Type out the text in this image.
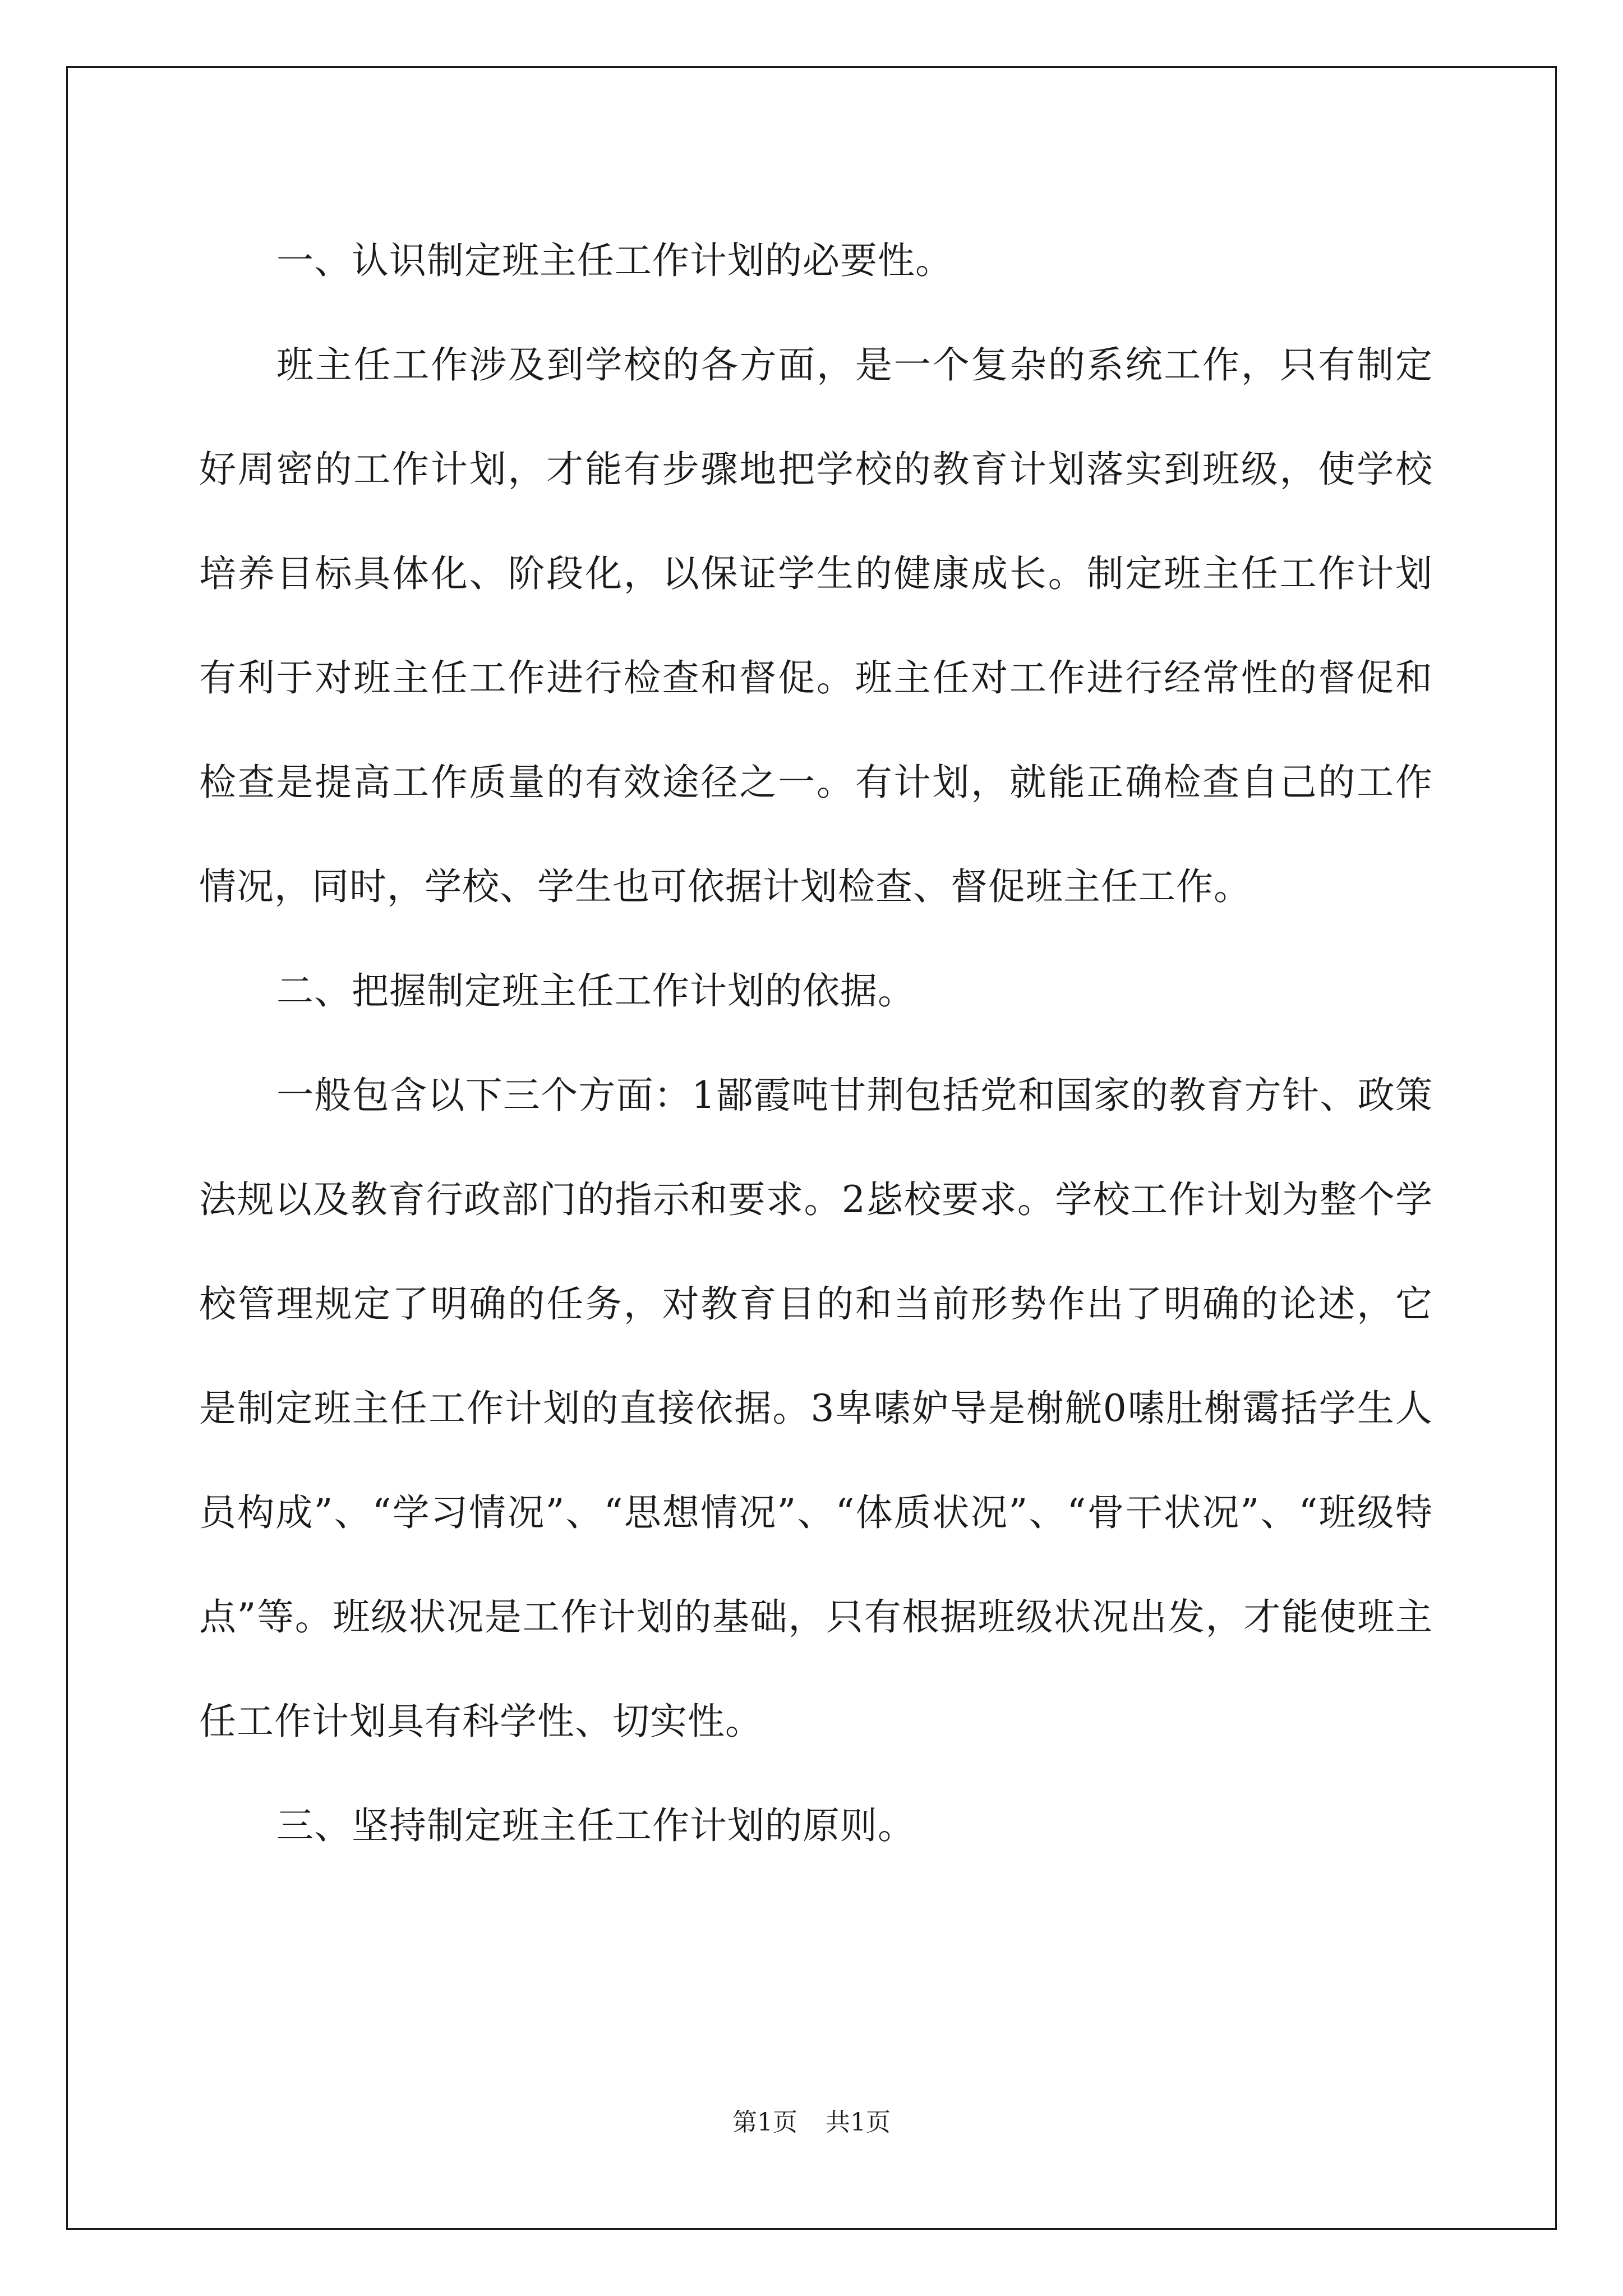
一、认识制定班主任工作计划的必要性。

班主任工作涉及到学校的各方面，是一个复杂的系统工作，只有制定好周密的工作计划，才能有步骤地把学校的教育计划落实到班级，使学校培养目标具体化、阶段化，以保证学生的健康成长。制定班主任工作计划有利于对班主任工作进行检查和督促。班主任对工作进行经常性的督促和检查是提高工作质量的有效途径之一。有计划，就能正确检查自己的工作情况，同时，学校、学生也可依据计划检查、督促班主任工作。

二、把握制定班主任工作计划的依据。

一般包含以下三个方面：1鄙霞吨甘荆包括党和国家的教育方针、政策法规以及教育行政部门的指示和要求。2毖校要求。学校工作计划为整个学校管理规定了明确的任务，对教育目的和当前形势作出了明确的论述，它是制定班主任工作计划的直接依据。3卑嗉妒导是榭觥0嗉肚榭霭括学生人员构成”、“学习情况”、“思想情况”、“体质状况”、“骨干状况”、“班级特点”等。班级状况是工作计划的基础，只有根据班级状况出发，才能使班主任工作计划具有科学性、切实性。

三、坚持制定班主任工作计划的原则。

第1页 共1页
